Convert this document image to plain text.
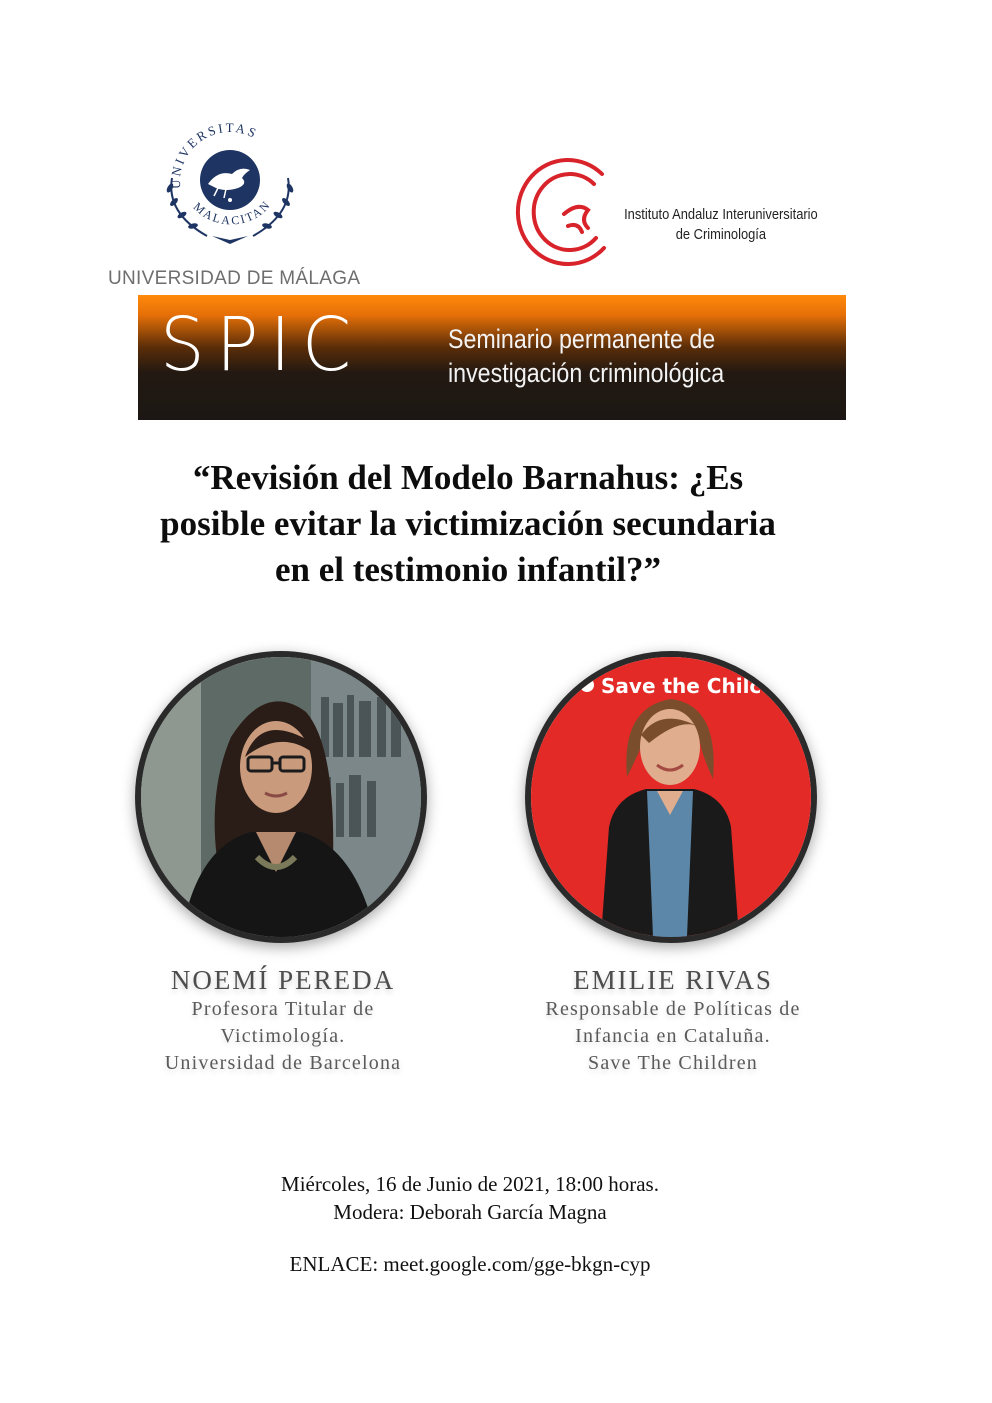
UNIVERSITAS
MALACITAN
UNIVERSIDAD DE MÁLAGA
Instituto Andaluz Interuniversitario
de Criminología
SPIC	Seminario permanente de
investigación criminológica
“Revisión del Modelo Barnahus: ¿Es
posible evitar la victimización secundaria
en el testimonio infantil?”
Save the Chilc
NOEMÍ PEREDA
Profesora Titular de
Victimología.
Universidad de Barcelona
EMILIE RIVAS
Responsable de Políticas de
Infancia en Cataluña.
Save The Children
Miércoles, 16 de Junio de 2021, 18:00 horas.
Modera: Deborah García Magna
ENLACE: meet.google.com/gge-bkgn-cyp
